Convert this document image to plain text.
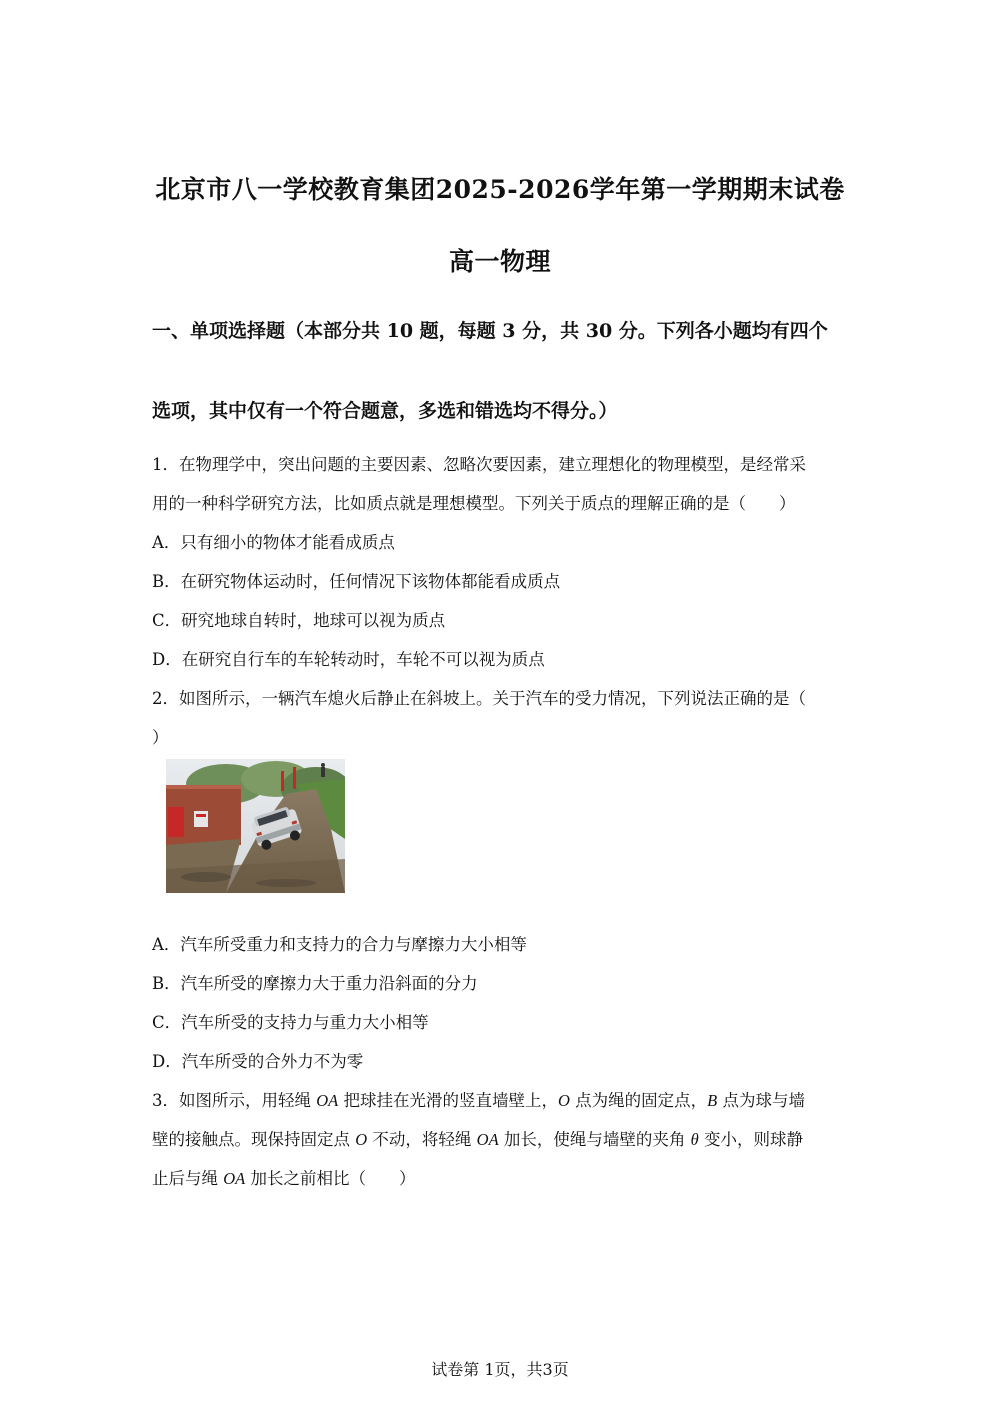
北京市八一学校教育集团2025-2026学年第一学期期末试卷
高一物理
一、单项选择题（本部分共 10 题，每题 3 分，共 30 分。下列各小题均有四个
选项，其中仅有一个符合题意，多选和错选均不得分。）
1．在物理学中，突出问题的主要因素、忽略次要因素，建立理想化的物理模型，是经常采
用的一种科学研究方法，比如质点就是理想模型。下列关于质点的理解正确的是（　　）
A．只有细小的物体才能看成质点
B．在研究物体运动时，任何情况下该物体都能看成质点
C．研究地球自转时，地球可以视为质点
D．在研究自行车的车轮转动时，车轮不可以视为质点
2．如图所示，一辆汽车熄火后静止在斜坡上。关于汽车的受力情况，下列说法正确的是（
）
A．汽车所受重力和支持力的合力与摩擦力大小相等
B．汽车所受的摩擦力大于重力沿斜面的分力
C．汽车所受的支持力与重力大小相等
D．汽车所受的合外力不为零
3．如图所示，用轻绳 OA 把球挂在光滑的竖直墙壁上，O 点为绳的固定点，B 点为球与墙
壁的接触点。现保持固定点 O 不动，将轻绳 OA 加长，使绳与墙壁的夹角 θ 变小，则球静
止后与绳 OA 加长之前相比（　　）
试卷第 1页，共3页
